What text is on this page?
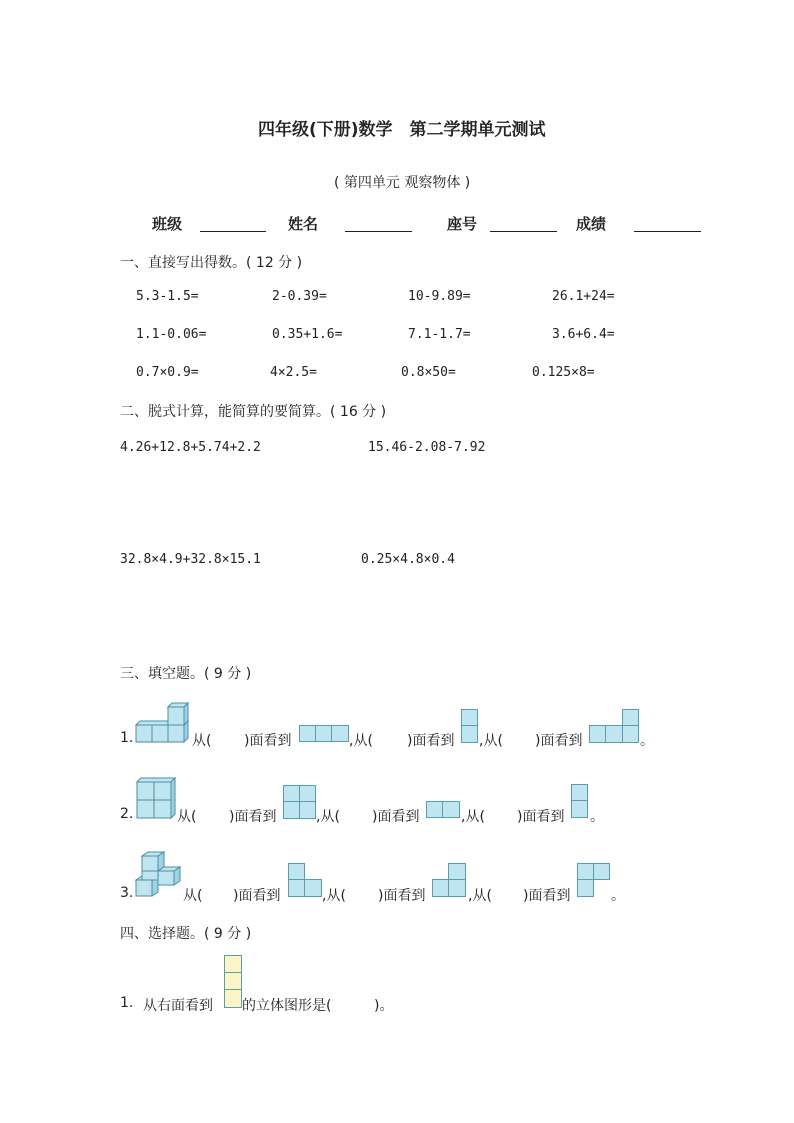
四年级(下册)数学　第二学期单元测试
( 第四单元 观察物体 )
班级	姓名	座号	成绩
一、直接写出得数。( 12 分 )
5.3-1.5=	2-0.39=	10-9.89=	26.1+24=
1.1-0.06=	0.35+1.6=	7.1-1.7=	3.6+6.4=
0.7×0.9=	4×2.5=	0.8×50=	0.125×8=
二、脱式计算，能简算的要简算。( 16 分 )
4.26+12.8+5.74+2.2	15.46-2.08-7.92
32.8×4.9+32.8×15.1	0.25×4.8×0.4
三、填空题。( 9 分 )
1.	从( )面看到	,从( )面看到 ,从( )面看到	。
2.	从( )面看到	,从( )面看到	,从( )面看到 。
3.	从( )面看到	,从( )面看到	,从( )面看到	。
四、选择题。( 9 分 )
1. 从右面看到 的立体图形是(	)。
